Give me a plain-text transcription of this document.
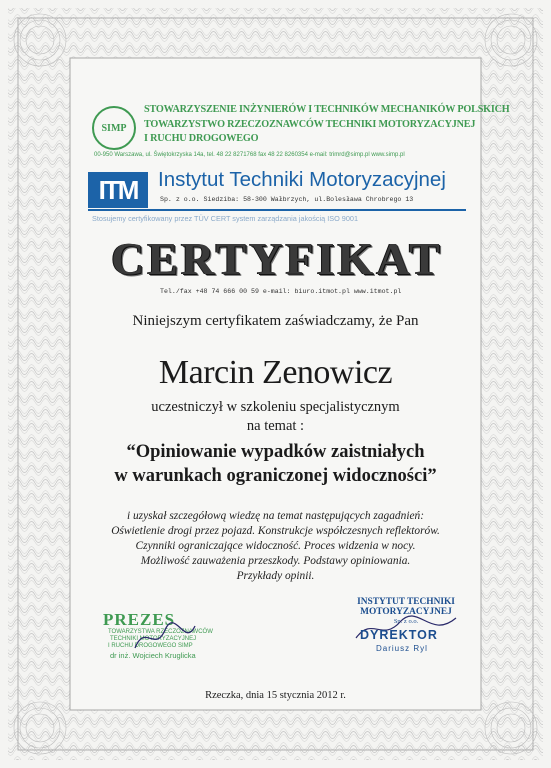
SIMP
STOWARZYSZENIE INŻYNIERÓW I TECHNIKÓW MECHANIKÓW POLSKICH
TOWARZYSTWO RZECZOZNAWCÓW TECHNIKI MOTORYZACYJNEJ
I RUCHU DROGOWEGO
00-950 Warszawa, ul. Świętokrzyska 14a, tel. 48 22 8271768 fax 48 22 8260354 e-mail: trimrd@simp.pl www.simp.pl
ITM	Instytut Techniki Motoryzacyjnej
Sp. z o.o. Siedziba: 58-300 Wałbrzych, ul.Bolesława Chrobrego 13
Stosujemy certyfikowany przez TÜV CERT system zarządzania jakością ISO 9001
CERTYFIKAT
Tel./fax +48 74 666 00 59 e-mail: biuro.itmot.pl www.itmot.pl
Niniejszym certyfikatem zaświadczamy, że Pan
Marcin Zenowicz
uczestniczył w szkoleniu specjalistycznym
na temat :
“Opiniowanie wypadków zaistniałych
w warunkach ograniczonej widoczności”
i uzyskał szczegółową wiedzę na temat następujących zagadnień:
Oświetlenie drogi przez pojazd. Konstrukcje współczesnych reflektorów.
Czynniki ograniczające widoczność. Proces widzenia w nocy.
Możliwość zauważenia przeszkody. Podstawy opiniowania.
Przykłady opinii.
PREZES
TOWARZYSTWA RZECZOZNAWCÓW
TECHNIKI MOTORYZACYJNEJ
I RUCHU DROGOWEGO SIMP
dr inż. Wojciech Kruglicka
INSTYTUT TECHNIKI
MOTORYZACYJNEJ
Sp. z o.o.
DYREKTOR
Dariusz Ryl
Rzeczka, dnia 15 stycznia 2012 r.
